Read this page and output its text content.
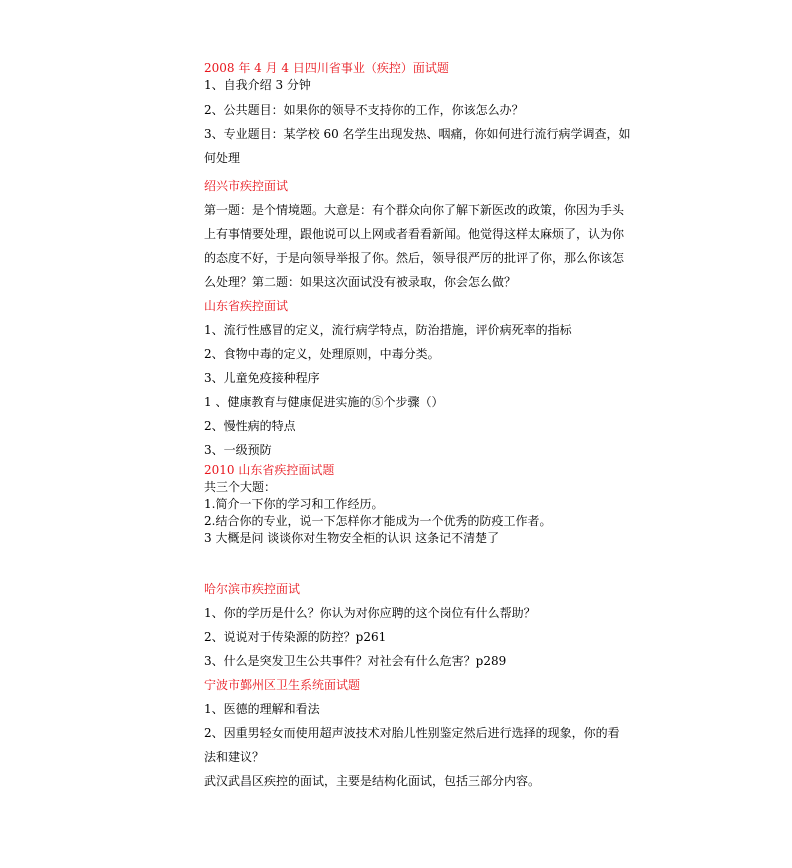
2008 年 4 月 4 日四川省事业（疾控）面试题
1、自我介绍 3 分钟
2、公共题目：如果你的领导不支持你的工作，你该怎么办？
3、专业题目：某学校 60 名学生出现发热、咽痛，你如何进行流行病学调查，如
何处理
绍兴市疾控面试
第一题：是个情境题。大意是：有个群众向你了解下新医改的政策，你因为手头
上有事情要处理，跟他说可以上网或者看看新闻。他觉得这样太麻烦了，认为你
的态度不好，于是向领导举报了你。然后，领导很严厉的批评了你，那么你该怎
么处理？第二题：如果这次面试没有被录取，你会怎么做？
山东省疾控面试
1、流行性感冒的定义，流行病学特点，防治措施，评价病死率的指标
2、食物中毒的定义，处理原则，中毒分类。
3、儿童免疫接种程序
1 、健康教育与健康促进实施的⑤个步骤（）
2、慢性病的特点
3、一级预防
2010 山东省疾控面试题
共三个大题：
1.简介一下你的学习和工作经历。
2.结合你的专业，说一下怎样你才能成为一个优秀的防疫工作者。
3 大概是问 谈谈你对生物安全柜的认识 这条记不清楚了
哈尔滨市疾控面试
1、你的学历是什么？你认为对你应聘的这个岗位有什么帮助？
2、说说对于传染源的防控？p261
3、什么是突发卫生公共事件？对社会有什么危害？p289
宁波市鄞州区卫生系统面试题
1、医德的理解和看法
2、因重男轻女而使用超声波技术对胎儿性别鉴定然后进行选择的现象，你的看
法和建议？
武汉武昌区疾控的面试，主要是结构化面试，包括三部分内容。
